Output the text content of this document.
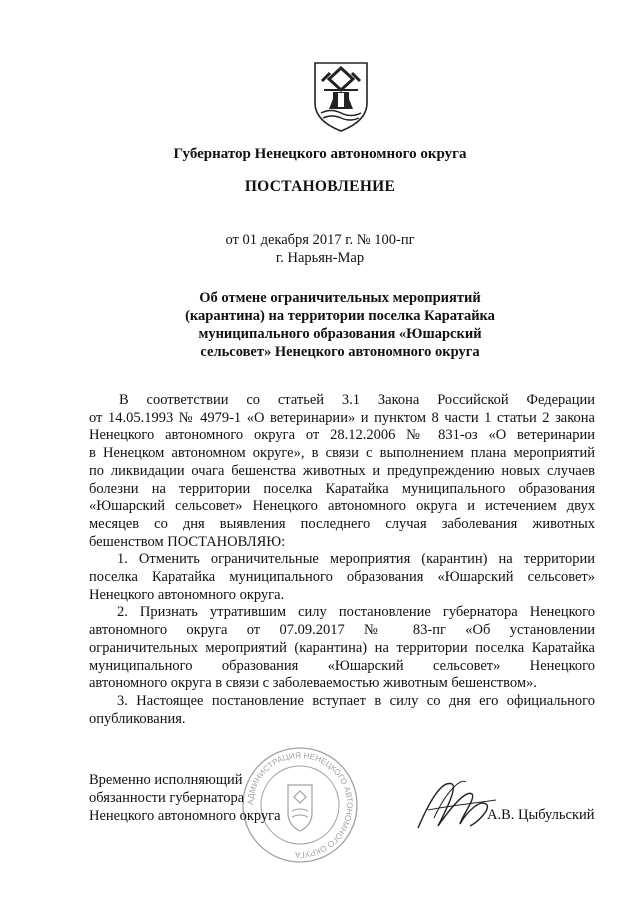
Губернатор Ненецкого автономного округа
ПОСТАНОВЛЕНИЕ
от 01 декабря 2017 г. № 100-пг
г. Нарьян-Мар
Об отмене ограничительных мероприятий
(карантина) на территории поселка Каратайка
муниципального образования «Юшарский
сельсовет» Ненецкого автономного округа
В соответствии со статьей 3.1 Закона Российской Федерации
от 14.05.1993 № 4979-1 «О ветеринарии» и пунктом 8 части 1 статьи 2 закона
Ненецкого автономного округа от 28.12.2006 № 831-оз «О ветеринарии
в Ненецком автономном округе», в связи с выполнением плана мероприятий
по ликвидации очага бешенства животных и предупреждению новых случаев
болезни на территории поселка Каратайка муниципального образования
«Юшарский сельсовет» Ненецкого автономного округа и истечением двух
месяцев со дня выявления последнего случая заболевания животных
бешенством ПОСТАНОВЛЯЮ:
1. Отменить ограничительные мероприятия (карантин) на территории
поселка Каратайка муниципального образования «Юшарский сельсовет»
Ненецкого автономного округа.
2. Признать утратившим силу постановление губернатора Ненецкого
автономного округа от 07.09.2017 № 83-пг «Об установлении
ограничительных мероприятий (карантина) на территории поселка Каратайка
муниципального образования «Юшарский сельсовет» Ненецкого
автономного округа в связи с заболеваемостью животным бешенством».
3. Настоящее постановление вступает в силу со дня его официального
опубликования.
АДМИНИСТРАЦИЯ НЕНЕЦКОГО АВТОНОМНОГО ОКРУГА
Временно исполняющий
обязанности губернатора
Ненецкого автономного округа	А.В. Цыбульский
